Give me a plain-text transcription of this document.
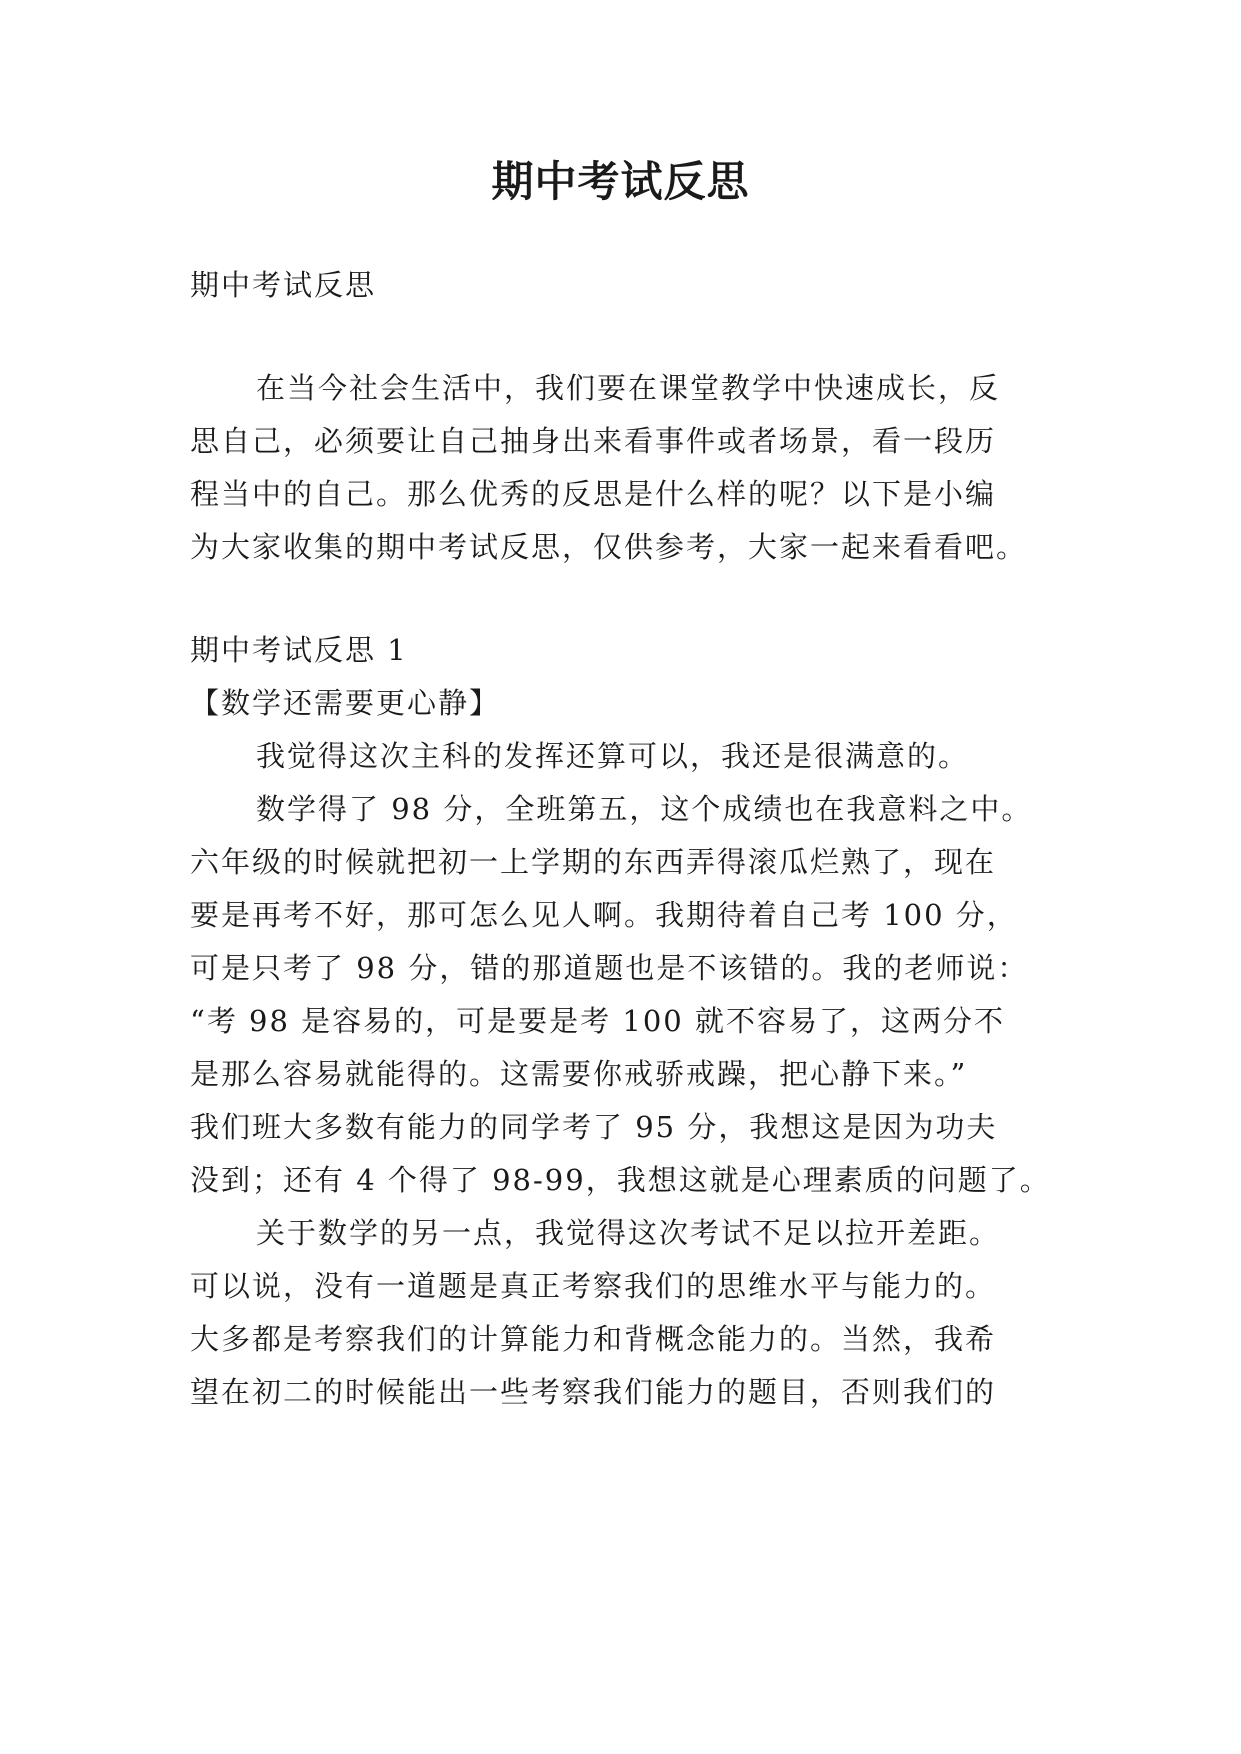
期中考试反思
期中考试反思
在当今社会生活中，我们要在课堂教学中快速成长，反
思自己，必须要让自己抽身出来看事件或者场景，看一段历
程当中的自己。那么优秀的反思是什么样的呢？以下是小编
为大家收集的期中考试反思，仅供参考，大家一起来看看吧。
期中考试反思 1
【数学还需要更心静】
我觉得这次主科的发挥还算可以，我还是很满意的。
数学得了 98 分，全班第五，这个成绩也在我意料之中。
六年级的时候就把初一上学期的东西弄得滚瓜烂熟了，现在
要是再考不好，那可怎么见人啊。我期待着自己考 100 分，
可是只考了 98 分，错的那道题也是不该错的。我的老师说：
“考 98 是容易的，可是要是考 100 就不容易了，这两分不
是那么容易就能得的。这需要你戒骄戒躁，把心静下来。”
我们班大多数有能力的同学考了 95 分，我想这是因为功夫
没到；还有 4 个得了 98-99，我想这就是心理素质的问题了。
关于数学的另一点，我觉得这次考试不足以拉开差距。
可以说，没有一道题是真正考察我们的思维水平与能力的。
大多都是考察我们的计算能力和背概念能力的。当然，我希
望在初二的时候能出一些考察我们能力的题目，否则我们的
